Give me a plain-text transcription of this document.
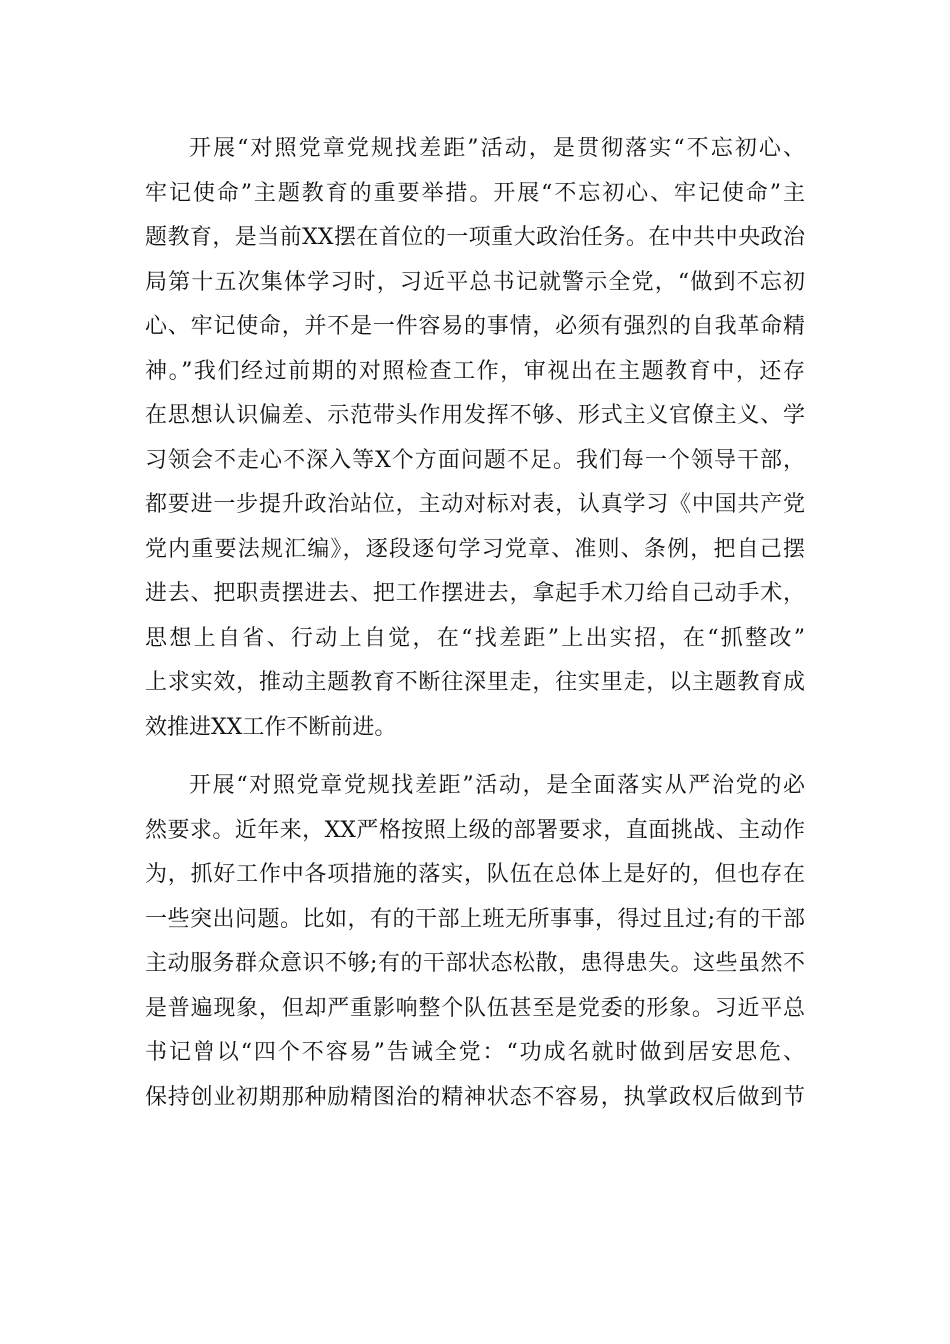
开展“对照党章党规找差距”活动，是贯彻落实“不忘初心、
牢记使命”主题教育的重要举措。开展“不忘初心、牢记使命”主
题教育，是当前XX摆在首位的一项重大政治任务。在中共中央政治
局第十五次集体学习时，习近平总书记就警示全党，“做到不忘初
心、牢记使命，并不是一件容易的事情，必须有强烈的自我革命精
神。”我们经过前期的对照检查工作，审视出在主题教育中，还存
在思想认识偏差、示范带头作用发挥不够、形式主义官僚主义、学
习领会不走心不深入等X个方面问题不足。我们每一个领导干部，
都要进一步提升政治站位，主动对标对表，认真学习《中国共产党
党内重要法规汇编》，逐段逐句学习党章、准则、条例，把自己摆
进去、把职责摆进去、把工作摆进去，拿起手术刀给自己动手术，
思想上自省、行动上自觉，在“找差距”上出实招，在“抓整改”
上求实效，推动主题教育不断往深里走，往实里走，以主题教育成
效推进XX工作不断前进。
开展“对照党章党规找差距”活动，是全面落实从严治党的必
然要求。近年来，XX严格按照上级的部署要求，直面挑战、主动作
为，抓好工作中各项措施的落实，队伍在总体上是好的，但也存在
一些突出问题。比如，有的干部上班无所事事，得过且过;有的干部
主动服务群众意识不够;有的干部状态松散，患得患失。这些虽然不
是普遍现象，但却严重影响整个队伍甚至是党委的形象。习近平总
书记曾以“四个不容易”告诫全党：“功成名就时做到居安思危、
保持创业初期那种励精图治的精神状态不容易，执掌政权后做到节
